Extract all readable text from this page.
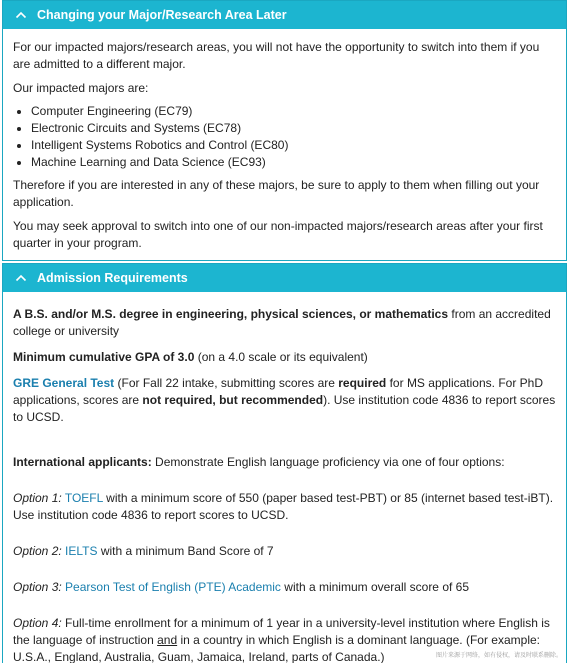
Changing your Major/Research Area Later

For our impacted majors/research areas, you will not have the opportunity to switch into them if you are admitted to a different major.

Our impacted majors are:

• Computer Engineering (EC79)
• Electronic Circuits and Systems (EC78)
• Intelligent Systems Robotics and Control (EC80)
• Machine Learning and Data Science (EC93)

Therefore if you are interested in any of these majors, be sure to apply to them when filling out your application.

You may seek approval to switch into one of our non-impacted majors/research areas after your first quarter in your program.

Admission Requirements

A B.S. and/or M.S. degree in engineering, physical sciences, or mathematics from an accredited college or university

Minimum cumulative GPA of 3.0 (on a 4.0 scale or its equivalent)

GRE General Test (For Fall 22 intake, submitting scores are required for MS applications. For PhD applications, scores are not required, but recommended). Use institution code 4836 to report scores to UCSD.

International applicants: Demonstrate English language proficiency via one of four options:

Option 1: TOEFL with a minimum score of 550 (paper based test-PBT) or 85 (internet based test-iBT). Use institution code 4836 to report scores to UCSD.

Option 2: IELTS with a minimum Band Score of 7

Option 3: Pearson Test of English (PTE) Academic with a minimum overall score of 65

Option 4: Full-time enrollment for a minimum of 1 year in a university-level institution where English is the language of instruction and in a country in which English is a dominant language. (For example: U.S.A., England, Australia, Guam, Jamaica, Ireland, parts of Canada.)	图片来源于网络，如有侵权，请及时联系删除。
